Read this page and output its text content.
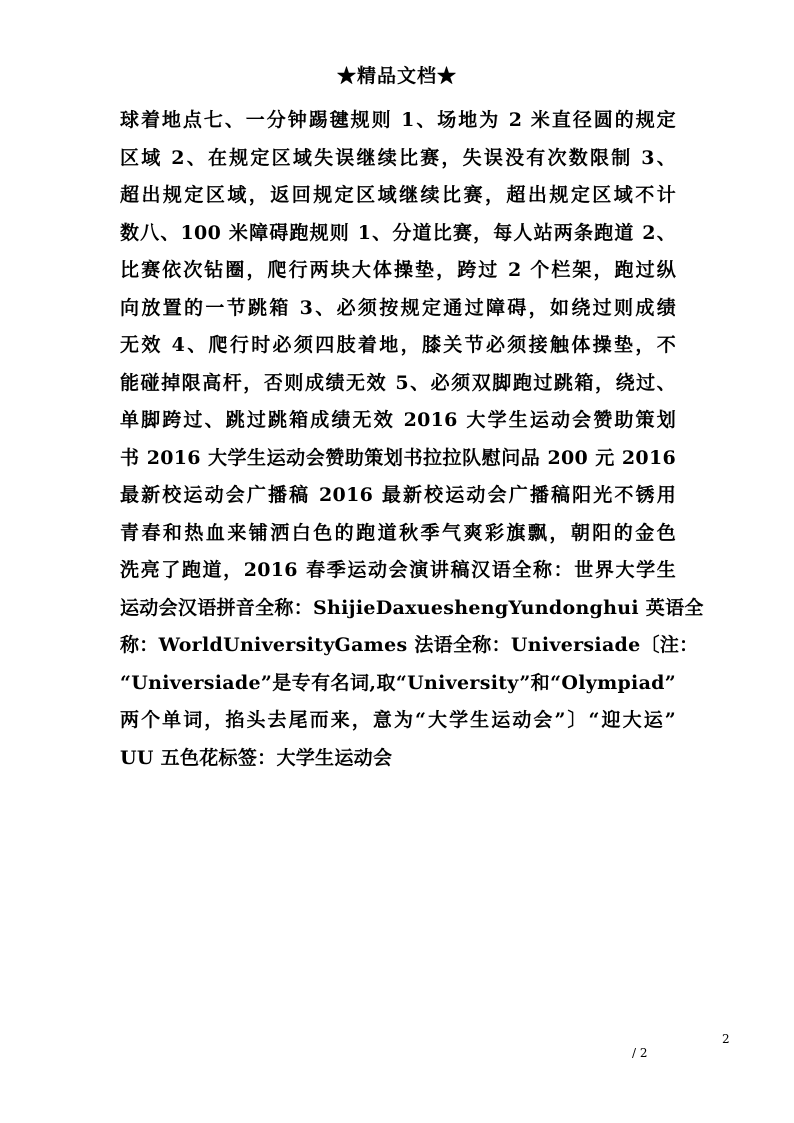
★精品文档★
球着地点七、一分钟踢毽规则 1、场地为 2 米直径圆的规定
区域 2、在规定区域失误继续比赛，失误没有次数限制 3、
超出规定区域，返回规定区域继续比赛，超出规定区域不计
数八、100 米障碍跑规则 1、分道比赛，每人站两条跑道 2、
比赛依次钻圈，爬行两块大体操垫，跨过 2 个栏架，跑过纵
向放置的一节跳箱 3、必须按规定通过障碍，如绕过则成绩
无效 4、爬行时必须四肢着地，膝关节必须接触体操垫，不
能碰掉限高杆，否则成绩无效 5、必须双脚跑过跳箱，绕过、
单脚跨过、跳过跳箱成绩无效 2016 大学生运动会赞助策划
书 2016 大学生运动会赞助策划书拉拉队慰问品 200 元 2016
最新校运动会广播稿 2016 最新校运动会广播稿阳光不锈用
青春和热血来铺洒白色的跑道秋季气爽彩旗飘，朝阳的金色
洗亮了跑道，2016 春季运动会演讲稿汉语全称：世界大学生
运动会汉语拼音全称：ShijieDaxueshengYundonghui 英语全
称：WorldUniversityGames 法语全称：Universiade〔注：
“Universiade”是专有名词,取“University”和“Olympiad”
两个单词，掐头去尾而来，意为“大学生运动会”〕“迎大运”
UU 五色花标签：大学生运动会
2
/ 2
